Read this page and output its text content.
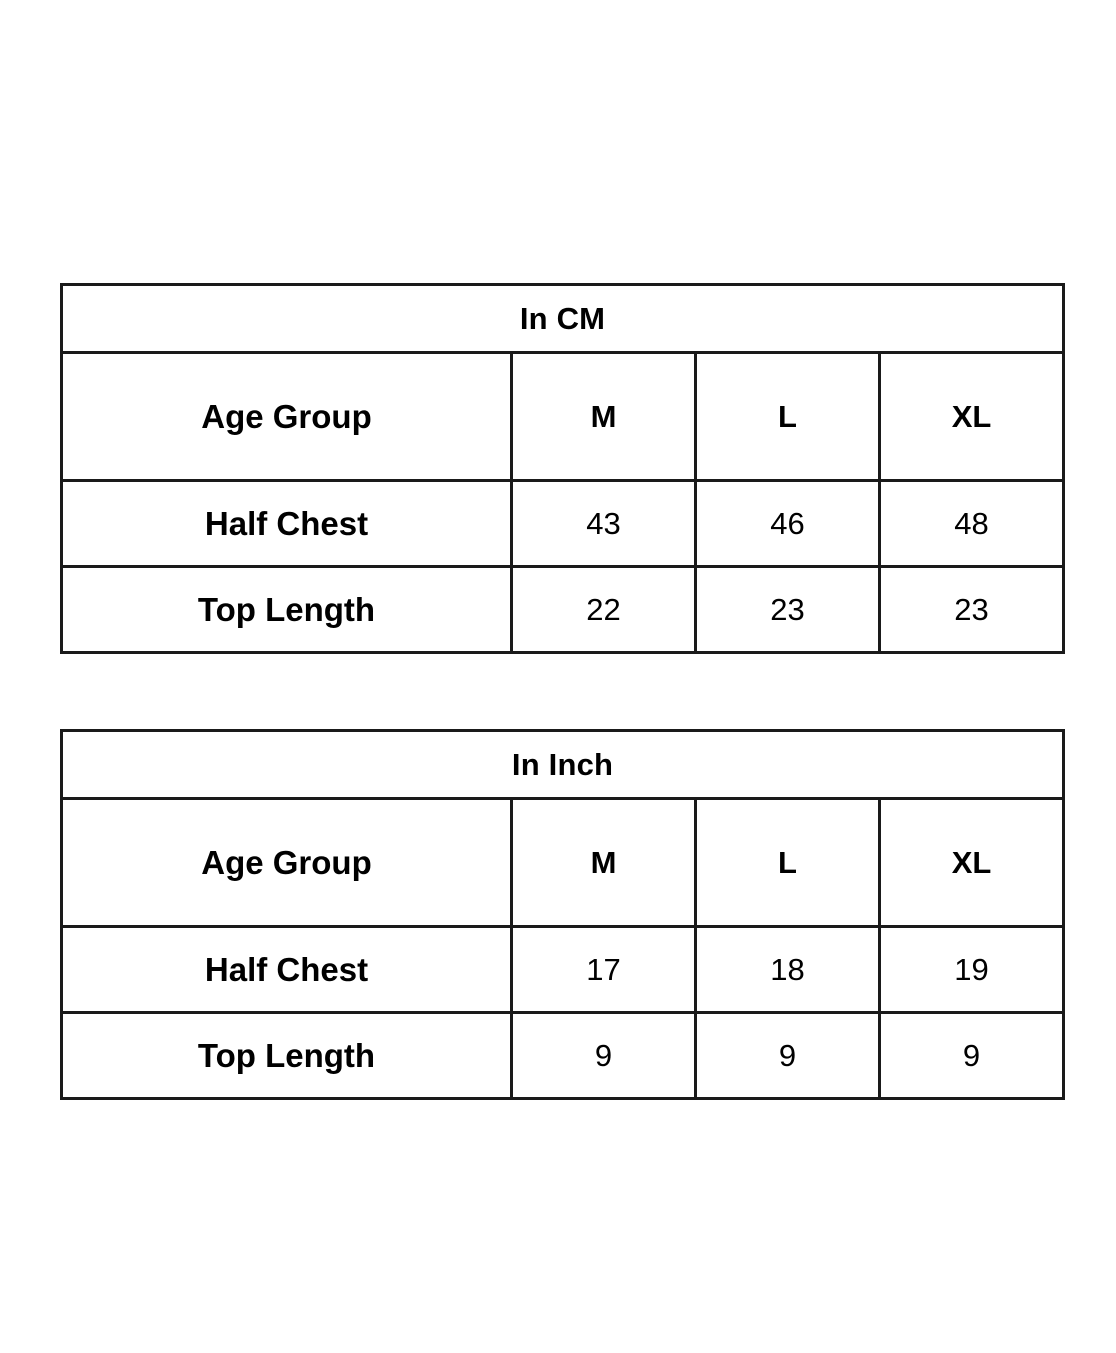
In CM			
Age Group	M	L	XL
Half Chest	43	46	48
Top Length	22	23	23
In Inch			
Age Group	M	L	XL
Half Chest	17	18	19
Top Length	9	9	9
